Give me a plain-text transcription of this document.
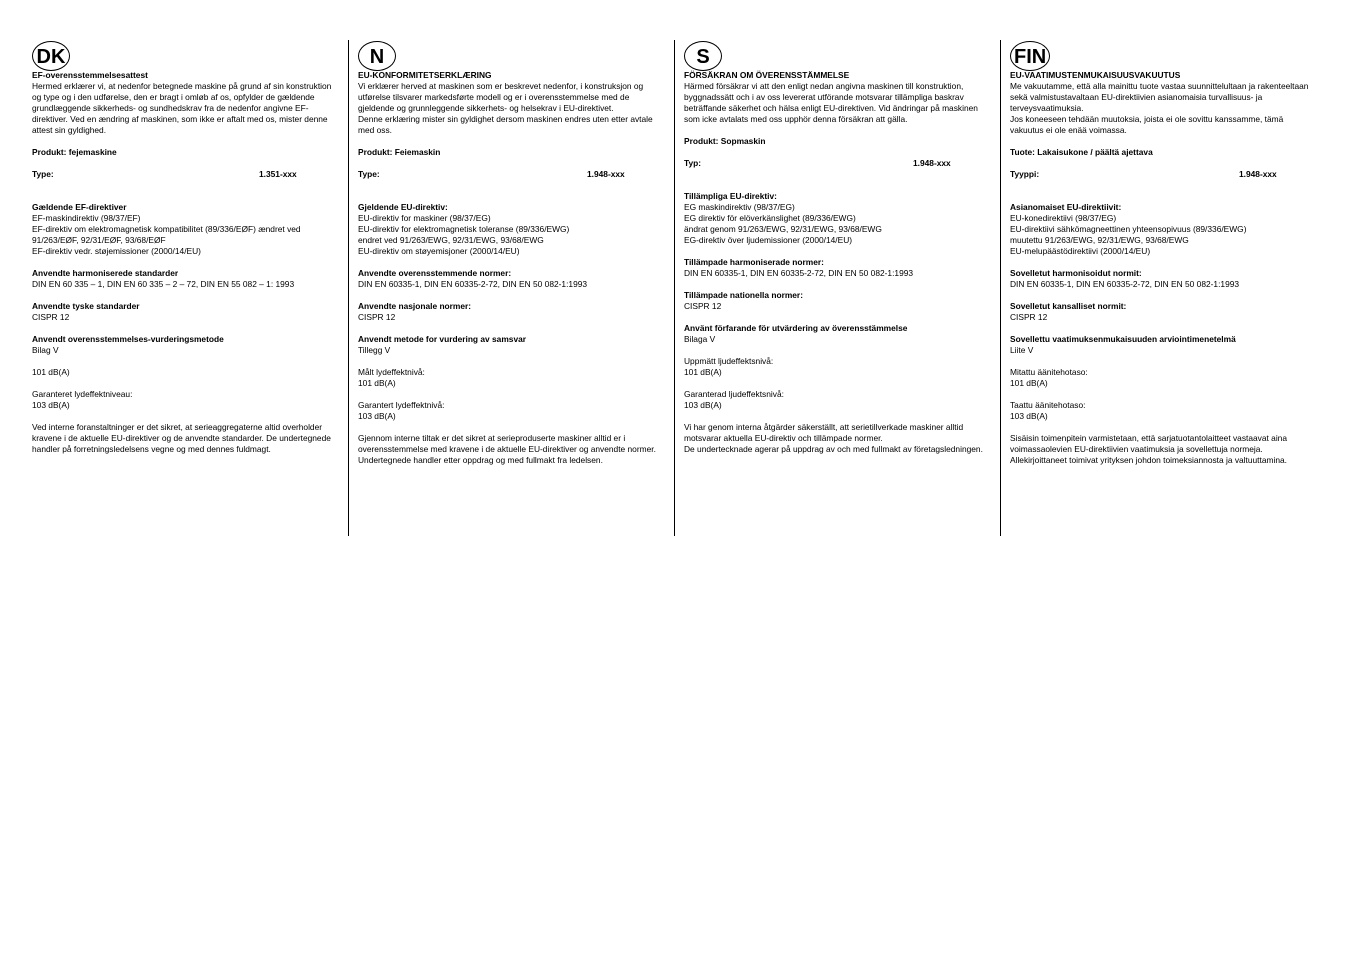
DK
EF-overensstemmelsesattest
Hermed erklærer vi, at nedenfor betegnede maskine på grund af sin konstruktion og type og i den udførelse, den er bragt i omløb af os, opfylder de gældende grundlæggende sikkerheds- og sundhedskrav fra de nedenfor angivne EF-direktiver. Ved en ændring af maskinen, som ikke er aftalt med os, mister denne attest sin gyldighed.
Produkt: fejemaskine
Type:	1.351-xxx
Gældende EF-direktiver
EF-maskindirektiv (98/37/EF)
EF-direktiv om elektromagnetisk kompatibilitet (89/336/EØF) ændret ved 91/263/EØF, 92/31/EØF, 93/68/EØF
EF-direktiv vedr. støjemissioner (2000/14/EU)
Anvendte harmoniserede standarder
DIN EN 60 335 – 1, DIN EN 60 335 – 2 – 72, DIN EN 55 082 – 1: 1993
Anvendte tyske standarder
CISPR 12
Anvendt overensstemmelses-vurderingsmetode
Bilag V
101 dB(A)
Garanteret lydeffektniveau:
103 dB(A)
Ved interne foranstaltninger er det sikret, at serieaggregaterne altid overholder kravene i de aktuelle EU-direktiver og de anvendte standarder. De undertegnede handler på forretningsledelsens vegne og med dennes fuldmagt.
N
EU-KONFORMITETSERKLÆRING
Vi erklærer herved at maskinen som er beskrevet nedenfor, i konstruksjon og utførelse tilsvarer markedsførte modell og er i overensstemmelse med de gjeldende og grunnleggende sikkerhets- og helsekrav i EU-direktivet.
Denne erklæring mister sin gyldighet dersom maskinen endres uten etter avtale med oss.
Produkt: Feiemaskin
Type:	1.948-xxx
Gjeldende EU-direktiv:
EU-direktiv for maskiner (98/37/EG)
EU-direktiv for elektromagnetisk toleranse (89/336/EWG)
endret ved 91/263/EWG, 92/31/EWG, 93/68/EWG
EU-direktiv om støyemisjoner (2000/14/EU)
Anvendte overensstemmende normer:
DIN EN 60335-1, DIN EN 60335-2-72, DIN EN 50 082-1:1993
Anvendte nasjonale normer:
CISPR 12
Anvendt metode for vurdering av samsvar
Tillegg V
Målt lydeffektnivå:
101 dB(A)
Garantert lydeffektnivå:
103 dB(A)
Gjennom interne tiltak er det sikret at serieproduserte maskiner alltid er i overensstemmelse med kravene i de aktuelle EU-direktiver og anvendte normer.
Undertegnede handler etter oppdrag og med fullmakt fra ledelsen.
S
FÖRSÄKRAN OM ÖVERENSSTÄMMELSE
Härmed försäkrar vi att den enligt nedan angivna maskinen till konstruktion, byggnadssätt och i av oss levererat utförande motsvarar tillämpliga baskrav beträffande säkerhet och hälsa enligt EU-direktiven. Vid ändringar på maskinen som icke avtalats med oss upphör denna försäkran att gälla.
Produkt: Sopmaskin
Typ:	1.948-xxx
Tillämpliga EU-direktiv:
EG maskindirektiv (98/37/EG)
EG direktiv för elöverkänslighet (89/336/EWG)
ändrat genom 91/263/EWG, 92/31/EWG, 93/68/EWG
EG-direktiv över ljudemissioner (2000/14/EU)
Tillämpade harmoniserade normer:
DIN EN 60335-1, DIN EN 60335-2-72, DIN EN 50 082-1:1993
Tillämpade nationella normer:
CISPR 12
Använt förfarande för utvärdering av överensstämmelse
Bilaga V
Uppmätt ljudeffektsnivå:
101 dB(A)
Garanterad ljudeffektsnivå:
103 dB(A)
Vi har genom interna åtgärder säkerställt, att serietillverkade maskiner alltid motsvarar aktuella EU-direktiv och tillämpade normer.
De undertecknade agerar på uppdrag av och med fullmakt av företagsledningen.
FIN
EU-VAATIMUSTENMUKAISUUSVAKUUTUS
Me vakuutamme, että alla mainittu tuote vastaa suunnittelultaan ja rakenteeltaan sekä valmistustavaltaan EU-direktiivien asianomaisia turvallisuus- ja terveysvaatimuksia.
Jos koneeseen tehdään muutoksia, joista ei ole sovittu kanssamme, tämä vakuutus ei ole enää voimassa.
Tuote: Lakaisukone / päältä ajettava
Tyyppi:	1.948-xxx
Asianomaiset EU-direktiivit:
EU-konedirektiivi (98/37/EG)
EU-direktiivi sähkömagneettinen yhteensopivuus (89/336/EWG)
muutettu 91/263/EWG, 92/31/EWG, 93/68/EWG
EU-melupäästödirektiivi (2000/14/EU)
Sovelletut harmonisoidut normit:
DIN EN 60335-1, DIN EN 60335-2-72, DIN EN 50 082-1:1993
Sovelletut kansalliset normit:
CISPR 12
Sovellettu vaatimuksenmukaisuuden arviointimenetelmä
Liite V
Mitattu äänitehotaso:
101 dB(A)
Taattu äänitehotaso:
103 dB(A)
Sisäisin toimenpitein varmistetaan, että sarjatuotantolaitteet vastaavat aina voimassaolevien EU-direktiivien vaatimuksia ja sovellettuja normeja.
Allekirjoittaneet toimivat yrityksen johdon toimeksiannosta ja valtuuttamina.
